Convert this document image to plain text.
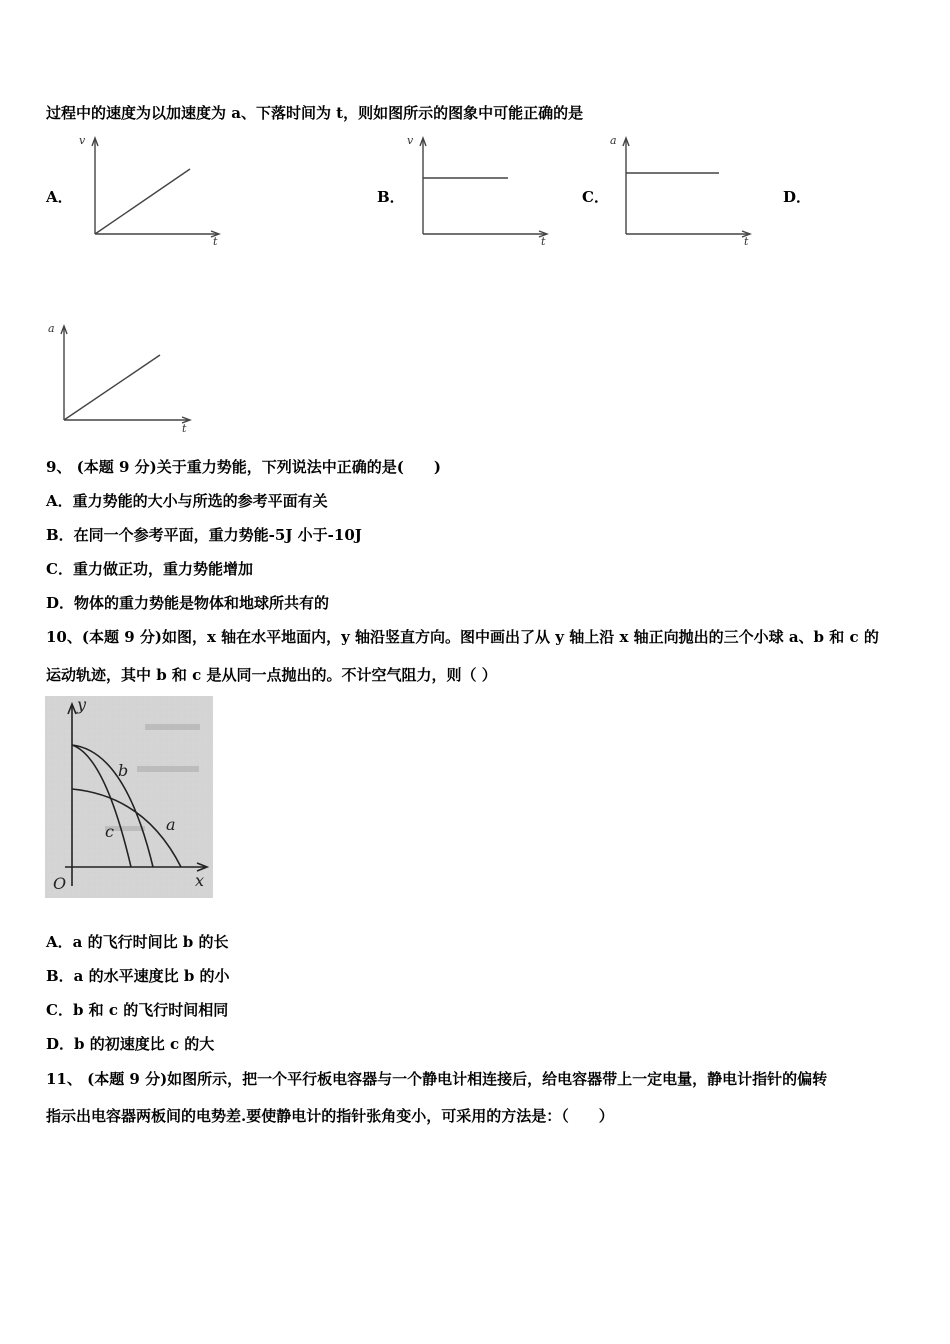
过程中的速度为以加速度为 a、下落时间为 t，则如图所示的图象中可能正确的是
A．	B．	C．	D．
v
t
v
t
a
t
a
t
9、 (本题 9 分)关于重力势能，下列说法中正确的是(　　)
A．重力势能的大小与所选的参考平面有关
B．在同一个参考平面，重力势能-5J 小于-10J
C．重力做正功，重力势能增加
D．物体的重力势能是物体和地球所共有的
10、(本题 9 分)如图，x 轴在水平地面内，y 轴沿竖直方向。图中画出了从 y 轴上沿 x 轴正向抛出的三个小球 a、b 和 c 的
运动轨迹，其中 b 和 c 是从同一点抛出的。不计空气阻力，则（ ）
y
x
O
b
c	a
A．a 的飞行时间比 b 的长
B．a 的水平速度比 b 的小
C．b 和 c 的飞行时间相同
D．b 的初速度比 c 的大
11、 (本题 9 分)如图所示，把一个平行板电容器与一个静电计相连接后，给电容器带上一定电量，静电计指针的偏转
指示出电容器两板间的电势差.要使静电计的指针张角变小，可采用的方法是：（　　）
